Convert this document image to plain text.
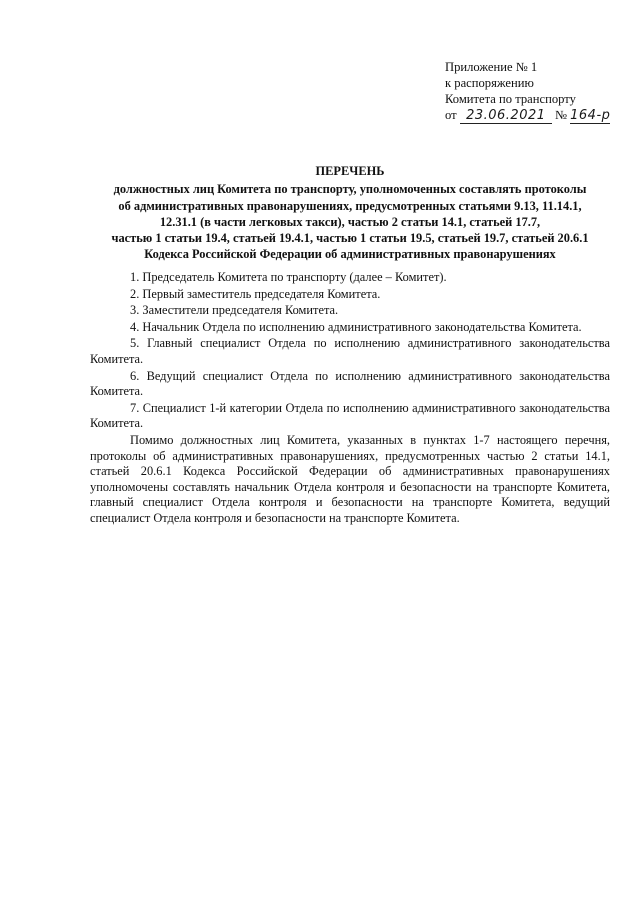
Приложение № 1
к распоряжению
Комитета по транспорту
от 23.06.2021 № 164-р
ПЕРЕЧЕНЬ
должностных лиц Комитета по транспорту, уполномоченных составлять протоколы
об административных правонарушениях, предусмотренных статьями 9.13, 11.14.1,
12.31.1 (в части легковых такси), частью 2 статьи 14.1, статьей 17.7,
частью 1 статьи 19.4, статьей 19.4.1, частью 1 статьи 19.5, статьей 19.7, статьей 20.6.1
Кодекса Российской Федерации об административных правонарушениях

1. Председатель Комитета по транспорту (далее – Комитет).

2. Первый заместитель председателя Комитета.

3. Заместители председателя Комитета.

4. Начальник Отдела по исполнению административного законодательства Комитета.

5. Главный специалист Отдела по исполнению административного законодательства Комитета.

6. Ведущий специалист Отдела по исполнению административного законодательства Комитета.

7. Специалист 1-й категории Отдела по исполнению административного законодательства Комитета.

Помимо должностных лиц Комитета, указанных в пунктах 1-7 настоящего перечня, протоколы об административных правонарушениях, предусмотренных частью 2 статьи 14.1, статьей 20.6.1 Кодекса Российской Федерации об административных правонарушениях уполномочены составлять начальник Отдела контроля и безопасности на транспорте Комитета, главный специалист Отдела контроля и безопасности на транспорте Комитета, ведущий специалист Отдела контроля и безопасности на транспорте Комитета.
